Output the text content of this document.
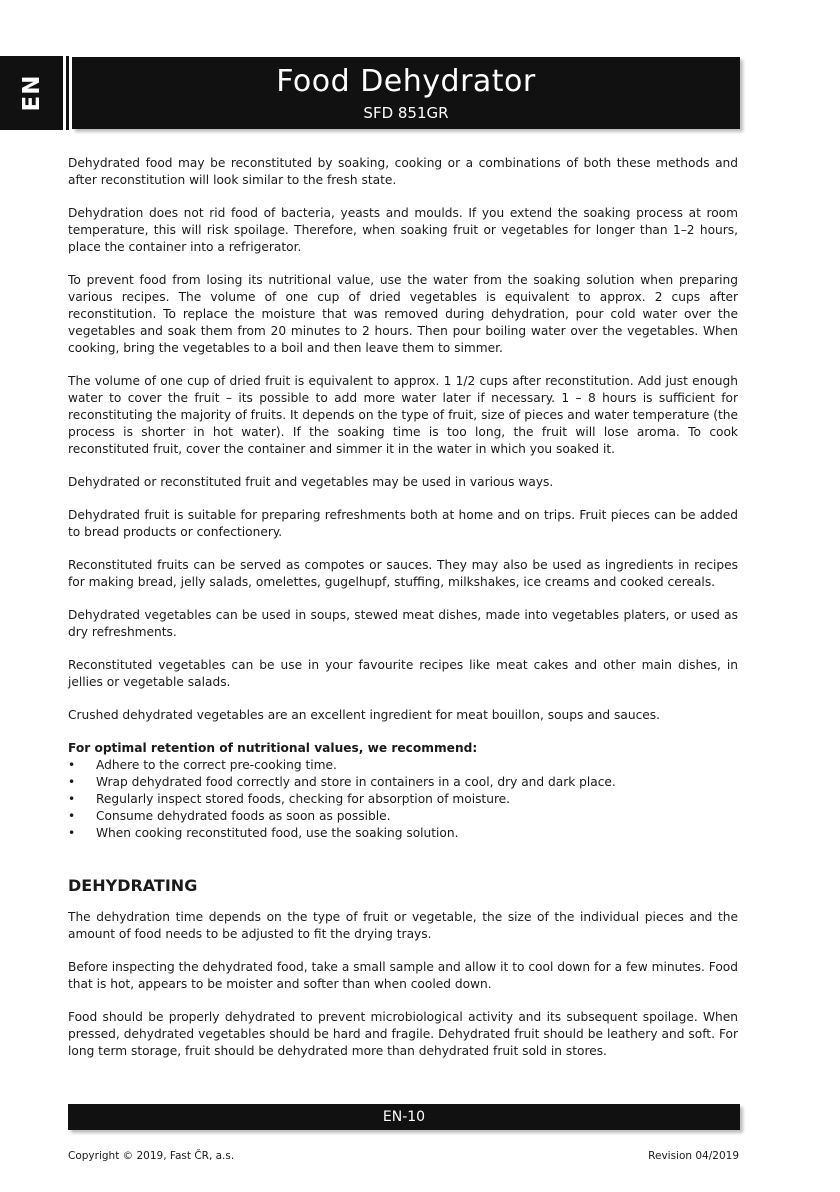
EN	Food Dehydrator
SFD 851GR

Dehydrated food may be reconstituted by soaking, cooking or a combinations of both these methods and after reconstitution will look similar to the fresh state.

Dehydration does not rid food of bacteria, yeasts and moulds. If you extend the soaking process at room temperature, this will risk spoilage. Therefore, when soaking fruit or vegetables for longer than 1–2 hours, place the container into a refrigerator.

To prevent food from losing its nutritional value, use the water from the soaking solution when preparing various recipes. The volume of one cup of dried vegetables is equivalent to approx. 2 cups after reconstitution. To replace the moisture that was removed during dehydration, pour cold water over the vegetables and soak them from 20 minutes to 2 hours. Then pour boiling water over the vegetables. When cooking, bring the vegetables to a boil and then leave them to simmer.

The volume of one cup of dried fruit is equivalent to approx. 1 1/2 cups after reconstitution. Add just enough water to cover the fruit – its possible to add more water later if necessary. 1 – 8 hours is sufficient for reconstituting the majority of fruits. It depends on the type of fruit, size of pieces and water temperature (the process is shorter in hot water). If the soaking time is too long, the fruit will lose aroma. To cook reconstituted fruit, cover the container and simmer it in the water in which you soaked it.

Dehydrated or reconstituted fruit and vegetables may be used in various ways.

Dehydrated fruit is suitable for preparing refreshments both at home and on trips. Fruit pieces can be added to bread products or confectionery.

Reconstituted fruits can be served as compotes or sauces. They may also be used as ingredients in recipes for making bread, jelly salads, omelettes, gugelhupf, stuffing, milkshakes, ice creams and cooked cereals.

Dehydrated vegetables can be used in soups, stewed meat dishes, made into vegetables platers, or used as dry refreshments.

Reconstituted vegetables can be use in your favourite recipes like meat cakes and other main dishes, in jellies or vegetable salads.

Crushed dehydrated vegetables are an excellent ingredient for meat bouillon, soups and sauces.

For optimal retention of nutritional values, we recommend:

• Adhere to the correct pre-cooking time.
• Wrap dehydrated food correctly and store in containers in a cool, dry and dark place.
• Regularly inspect stored foods, checking for absorption of moisture.
• Consume dehydrated foods as soon as possible.
• When cooking reconstituted food, use the soaking solution.
DEHYDRATING

The dehydration time depends on the type of fruit or vegetable, the size of the individual pieces and the amount of food needs to be adjusted to fit the drying trays.

Before inspecting the dehydrated food, take a small sample and allow it to cool down for a few minutes. Food that is hot, appears to be moister and softer than when cooled down.

Food should be properly dehydrated to prevent microbiological activity and its subsequent spoilage. When pressed, dehydrated vegetables should be hard and fragile. Dehydrated fruit should be leathery and soft. For long term storage, fruit should be dehydrated more than dehydrated fruit sold in stores.

EN-10
Copyright © 2019, Fast ČR, a.s.	Revision 04/2019
